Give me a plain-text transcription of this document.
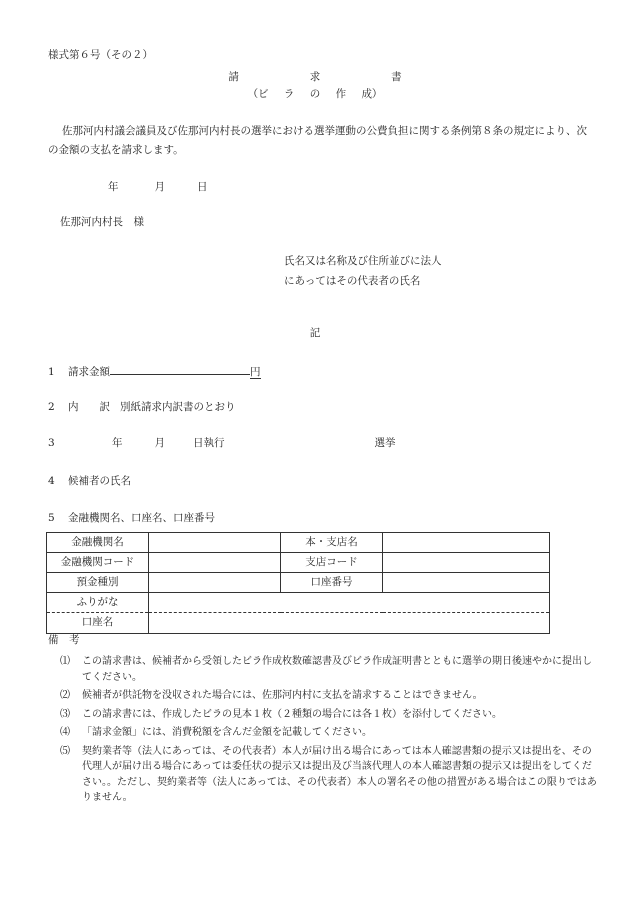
様式第６号（その２）
請	求	書
（ビ ラ の 作 成）
佐那河内村議会議員及び佐那河内村長の選挙における選挙運動の公費負担に関する条例第８条の規定により、次の金額の支払を請求します。
年	月	日
佐那河内村長　様
氏名又は名称及び住所並びに法人
にあってはその代表者の氏名
記
1 請求金額	円
2 内　　訳 別紙請求内訳書のとおり
3	年	月	日執行	選挙
4 候補者の氏名
5 金融機関名、口座名、口座番号
金融機関名		本・支店名	
金融機関コード		支店コード	
預金種別		口座番号	
ふりがな			
口座名			
備　考
⑴	この請求書は、候補者から受領したビラ作成枚数確認書及びビラ作成証明書とともに選挙の期日後速やかに提出してください。
⑵	候補者が供託物を没収された場合には、佐那河内村に支払を請求することはできません。
⑶	この請求書には、作成したビラの見本１枚（２種類の場合には各１枚）を添付してください。
⑷	「請求金額」には、消費税額を含んだ金額を記載してください。
⑸	契約業者等（法人にあっては、その代表者）本人が届け出る場合にあっては本人確認書類の提示又は提出を、その代理人が届け出る場合にあっては委任状の提示又は提出及び当該代理人の本人確認書類の提示又は提出をしてください。。ただし、契約業者等（法人にあっては、その代表者）本人の署名その他の措置がある場合はこの限りではありません。
